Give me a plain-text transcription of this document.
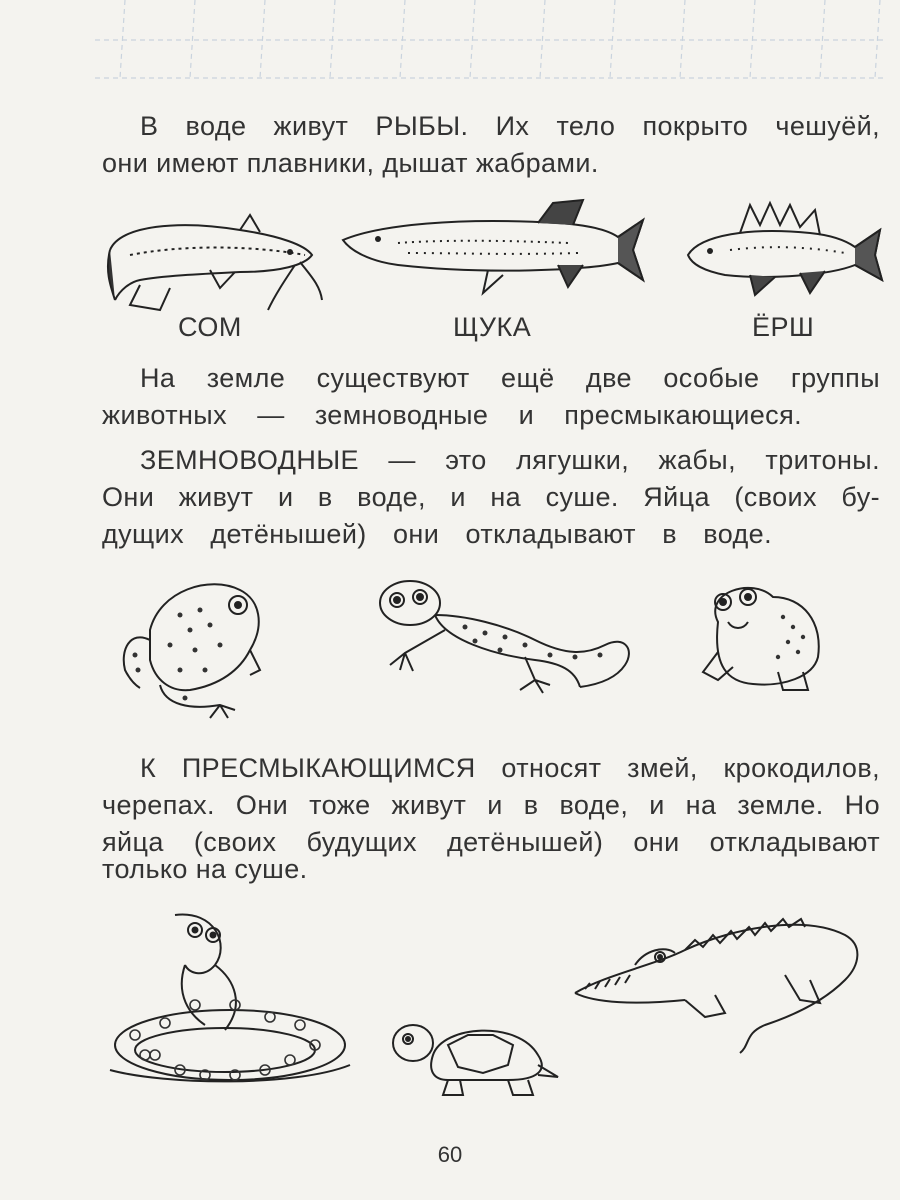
В воде живут РЫБЫ. Их тело покрыто чешуёй,
они имеют плавники, дышат жабрами.
СОМ	ЩУКА	ЁРШ
На земле существуют ещё две особые группы
животных — земноводные и пресмыкающиеся.
ЗЕМНОВОДНЫЕ — это лягушки, жабы, тритоны.
Они живут и в воде, и на суше. Яйца (своих бу-
дущих детёнышей) они откладывают в воде.
К ПРЕСМЫКАЮЩИМСЯ относят змей, крокодилов,
черепах. Они тоже живут и в воде, и на земле. Но
яйца (своих будущих детёнышей) они откладывают
только на суше.
60
